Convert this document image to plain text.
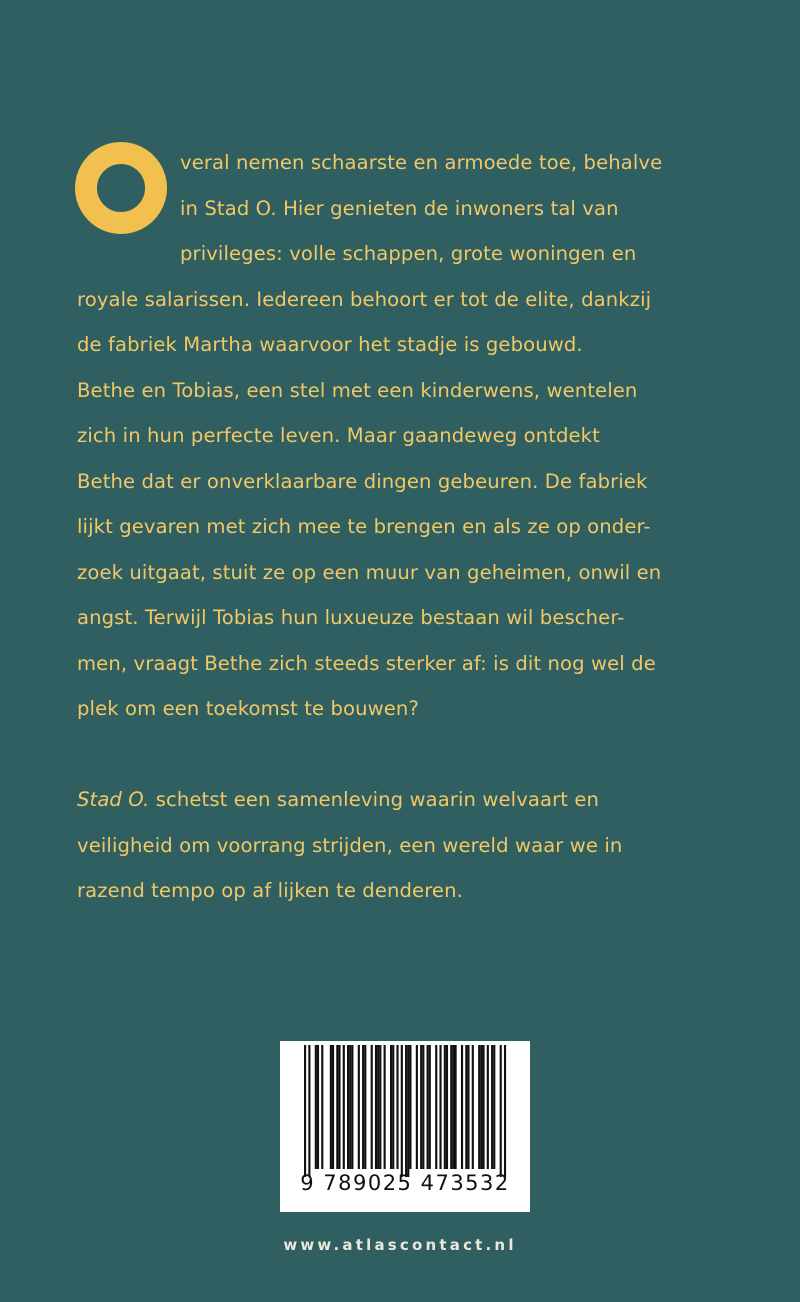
veral nemen schaarste en armoede toe, behalve
in Stad O. Hier genieten de inwoners tal van
privileges: volle schappen, grote woningen en
royale salarissen. Iedereen behoort er tot de elite, dankzij
de fabriek Martha waarvoor het stadje is gebouwd.
Bethe en Tobias, een stel met een kinderwens, wentelen
zich in hun perfecte leven. Maar gaandeweg ontdekt
Bethe dat er onverklaarbare dingen gebeuren. De fabriek
lijkt gevaren met zich mee te brengen en als ze op onder-
zoek uitgaat, stuit ze op een muur van geheimen, onwil en
angst. Terwijl Tobias hun luxueuze bestaan wil bescher-
men, vraagt Bethe zich steeds sterker af: is dit nog wel de
plek om een toekomst te bouwen?
Stad O. schetst een samenleving waarin welvaart en
veiligheid om voorrang strijden, een wereld waar we in
razend tempo op af lijken te denderen.
9 789025 473532
www.atlascontact.nl
